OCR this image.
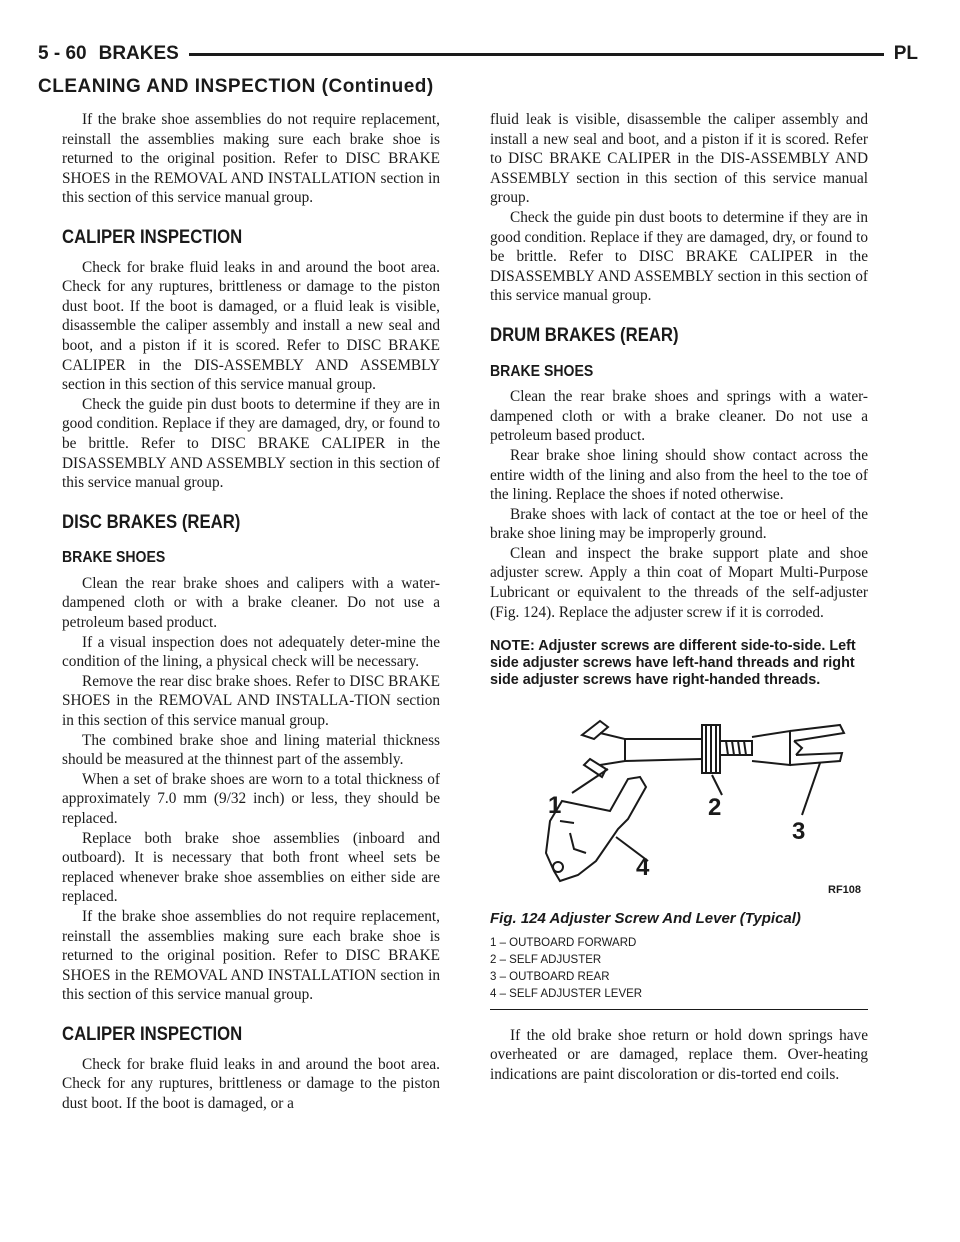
5 - 60 BRAKES	PL
CLEANING AND INSPECTION (Continued)

If the brake shoe assemblies do not require replacement, reinstall the assemblies making sure each brake shoe is returned to the original position. Refer to DISC BRAKE SHOES in the REMOVAL AND INSTALLATION section in this section of this service manual group.

CALIPER INSPECTION

Check for brake fluid leaks in and around the boot area. Check for any ruptures, brittleness or damage to the piston dust boot. If the boot is damaged, or a fluid leak is visible, disassemble the caliper assembly and install a new seal and boot, and a piston if it is scored. Refer to DISC BRAKE CALIPER in the DIS-ASSEMBLY AND ASSEMBLY section in this section of this service manual group.

Check the guide pin dust boots to determine if they are in good condition. Replace if they are damaged, dry, or found to be brittle. Refer to DISC BRAKE CALIPER in the DISASSEMBLY AND ASSEMBLY section in this section of this service manual group.

DISC BRAKES (REAR)
BRAKE SHOES

Clean the rear brake shoes and calipers with a water-dampened cloth or with a brake cleaner. Do not use a petroleum based product.

If a visual inspection does not adequately deter-mine the condition of the lining, a physical check will be necessary.

Remove the rear disc brake shoes. Refer to DISC BRAKE SHOES in the REMOVAL AND INSTALLA-TION section in this section of this service manual group.

The combined brake shoe and lining material thickness should be measured at the thinnest part of the assembly.

When a set of brake shoes are worn to a total thickness of approximately 7.0 mm (9/32 inch) or less, they should be replaced.

Replace both brake shoe assemblies (inboard and outboard). It is necessary that both front wheel sets be replaced whenever brake shoe assemblies on either side are replaced.

If the brake shoe assemblies do not require replacement, reinstall the assemblies making sure each brake shoe is returned to the original position. Refer to DISC BRAKE SHOES in the REMOVAL AND INSTALLATION section in this section of this service manual group.

CALIPER INSPECTION

Check for brake fluid leaks in and around the boot area. Check for any ruptures, brittleness or damage to the piston dust boot. If the boot is damaged, or a

fluid leak is visible, disassemble the caliper assembly and install a new seal and boot, and a piston if it is scored. Refer to DISC BRAKE CALIPER in the DIS-ASSEMBLY AND ASSEMBLY section in this section of this service manual group.

Check the guide pin dust boots to determine if they are in good condition. Replace if they are damaged, dry, or found to be brittle. Refer to DISC BRAKE CALIPER in the DISASSEMBLY AND ASSEMBLY section in this section of this service manual group.

DRUM BRAKES (REAR)
BRAKE SHOES

Clean the rear brake shoes and springs with a water-dampened cloth or with a brake cleaner. Do not use a petroleum based product.

Rear brake shoe lining should show contact across the entire width of the lining and also from the heel to the toe of the lining. Replace the shoes if noted otherwise.

Brake shoes with lack of contact at the toe or heel of the brake shoe lining may be improperly ground.

Clean and inspect the brake support plate and shoe adjuster screw. Apply a thin coat of Mopart Multi-Purpose Lubricant or equivalent to the threads of the self-adjuster (Fig. 124). Replace the adjuster screw if it is corroded.

NOTE: Adjuster screws are different side-to-side. Left side adjuster screws have left-hand threads and right side adjuster screws have right-handed threads.

1	2
3
4
RF108
Fig. 124 Adjuster Screw And Lever (Typical)
1 – OUTBOARD FORWARD
2 – SELF ADJUSTER
3 – OUTBOARD REAR
4 – SELF ADJUSTER LEVER

If the old brake shoe return or hold down springs have overheated or are damaged, replace them. Over-heating indications are paint discoloration or dis-torted end coils.
